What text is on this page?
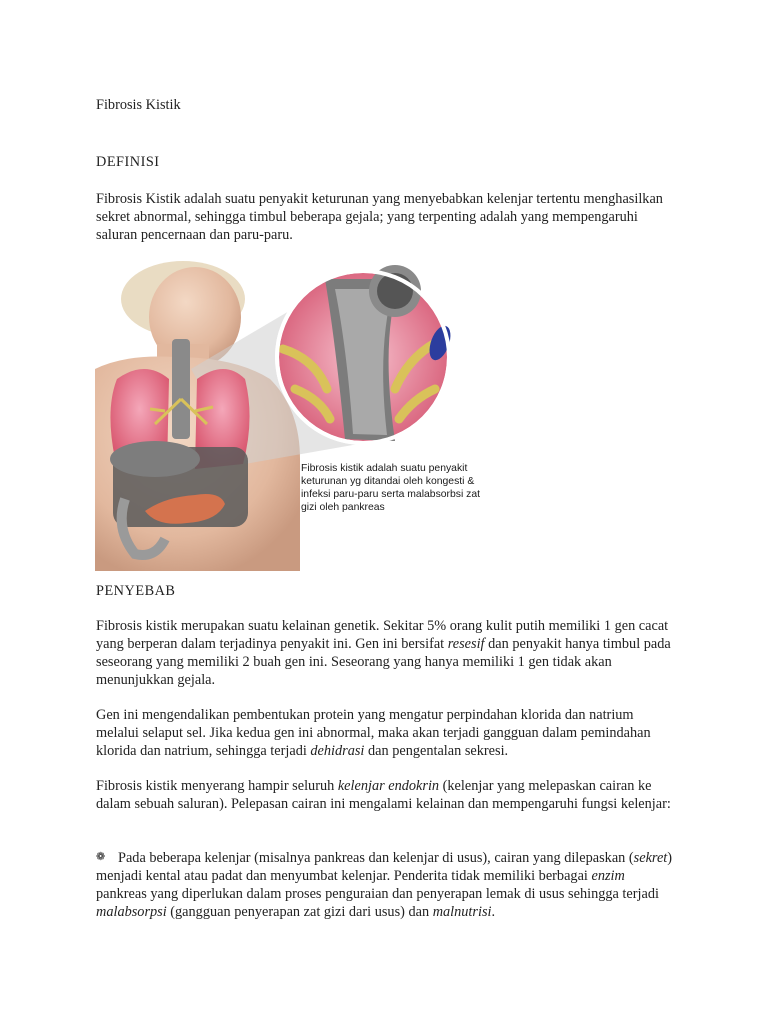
Fibrosis Kistik

DEFINISI

Fibrosis Kistik adalah suatu penyakit keturunan yang menyebabkan kelenjar tertentu menghasilkan sekret abnormal, sehingga timbul beberapa gejala; yang terpenting adalah yang mempengaruhi saluran pencernaan dan paru-paru.

Fibrosis kistik adalah suatu penyakit keturunan yg ditandai oleh kongesti & infeksi paru-paru serta malabsorbsi zat gizi oleh pankreas

PENYEBAB

Fibrosis kistik merupakan suatu kelainan genetik. Sekitar 5% orang kulit putih memiliki 1 gen cacat yang berperan dalam terjadinya penyakit ini. Gen ini bersifat resesif dan penyakit hanya timbul pada seseorang yang memiliki 2 buah gen ini. Seseorang yang hanya memiliki 1 gen tidak akan menunjukkan gejala.

Gen ini mengendalikan pembentukan protein yang mengatur perpindahan klorida dan natrium melalui selaput sel. Jika kedua gen ini abnormal, maka akan terjadi gangguan dalam pemindahan klorida dan natrium, sehingga terjadi dehidrasi dan pengentalan sekresi.

Fibrosis kistik menyerang hampir seluruh kelenjar endokrin (kelenjar yang melepaskan cairan ke dalam sebuah saluran). Pelepasan cairan ini mengalami kelainan dan mempengaruhi fungsi kelenjar:

❁ Pada beberapa kelenjar (misalnya pankreas dan kelenjar di usus), cairan yang dilepaskan (sekret) menjadi kental atau padat dan menyumbat kelenjar. Penderita tidak memiliki berbagai enzim pankreas yang diperlukan dalam proses penguraian dan penyerapan lemak di usus sehingga terjadi malabsorpsi (gangguan penyerapan zat gizi dari usus) dan malnutrisi.
